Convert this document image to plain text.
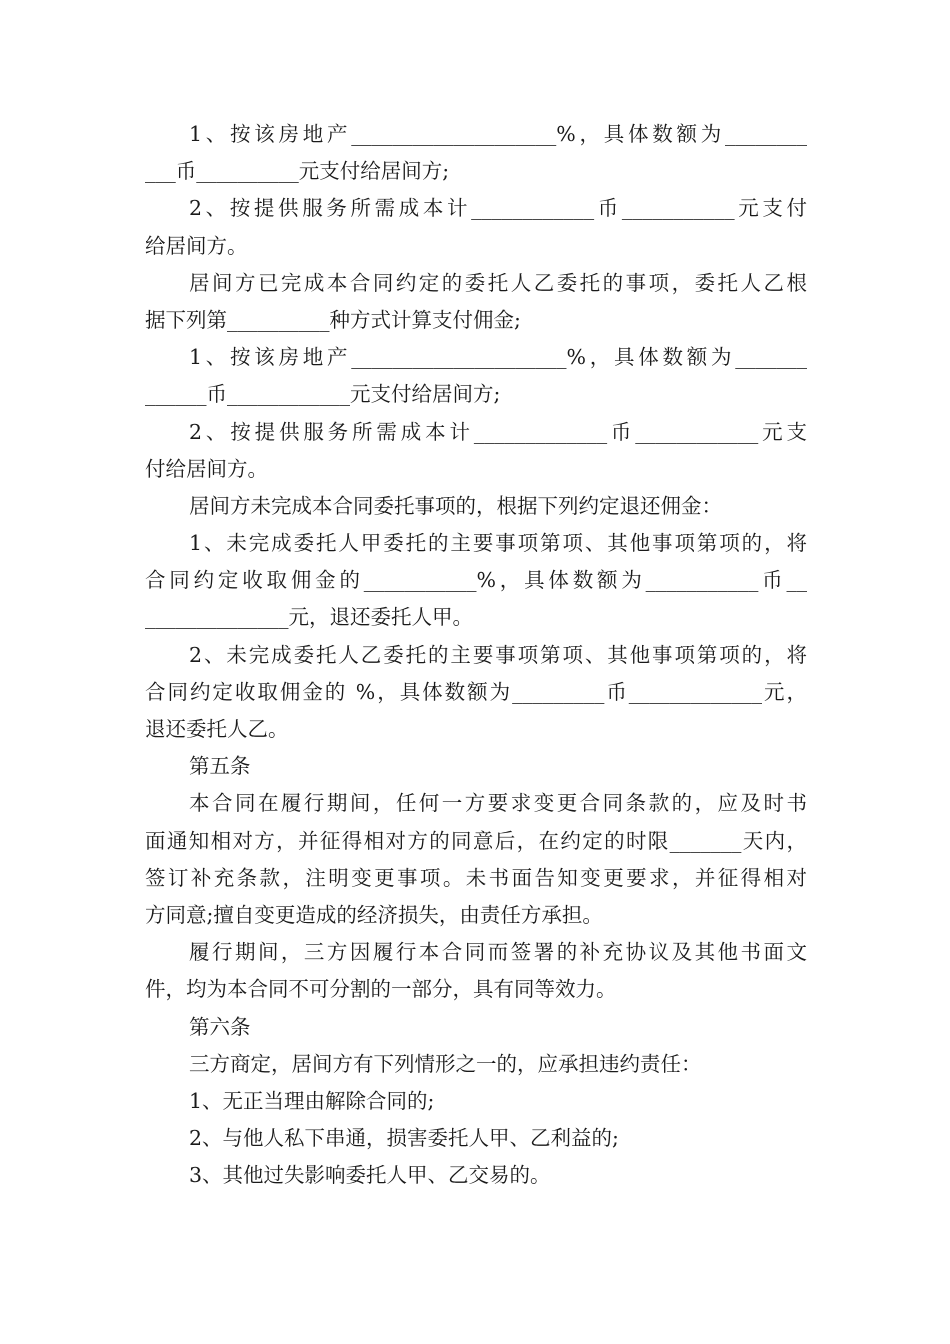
1、按该房地产____________________%，具体数额为________
___币__________元支付给居间方;
2、按提供服务所需成本计____________币___________元支付
给居间方。
居间方已完成本合同约定的委托人乙委托的事项，委托人乙根
据下列第__________种方式计算支付佣金;
1、按该房地产_____________________%，具体数额为_______
______币____________元支付给居间方;
2、按提供服务所需成本计_____________币____________元支
付给居间方。
居间方未完成本合同委托事项的，根据下列约定退还佣金：
1、未完成委托人甲委托的主要事项第项、其他事项第项的，将
合同约定收取佣金的___________%，具体数额为___________币__
______________元，退还委托人甲。
2、未完成委托人乙委托的主要事项第项、其他事项第项的，将
合同约定收取佣金的 %，具体数额为_________币_____________元，
退还委托人乙。
第五条
本合同在履行期间，任何一方要求变更合同条款的，应及时书
面通知相对方，并征得相对方的同意后，在约定的时限_______天内，
签订补充条款，注明变更事项。未书面告知变更要求，并征得相对
方同意;擅自变更造成的经济损失，由责任方承担。
履行期间，三方因履行本合同而签署的补充协议及其他书面文
件，均为本合同不可分割的一部分，具有同等效力。
第六条
三方商定，居间方有下列情形之一的，应承担违约责任：
1、无正当理由解除合同的;
2、与他人私下串通，损害委托人甲、乙利益的;
3、其他过失影响委托人甲、乙交易的。
